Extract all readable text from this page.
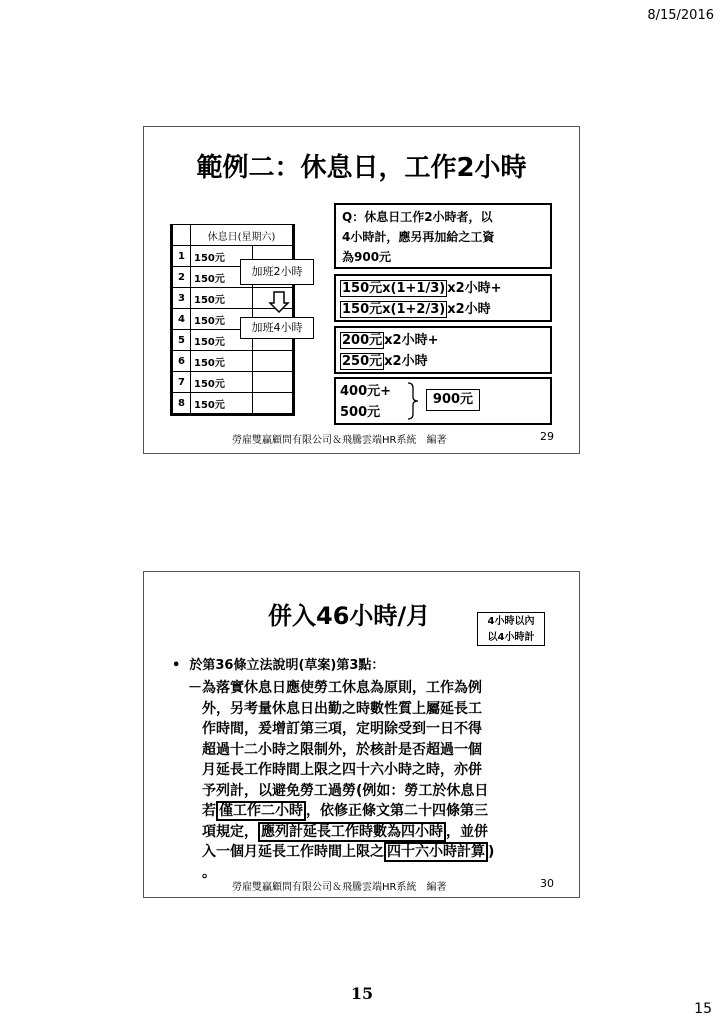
8/15/2016
範例二：休息日，工作2小時
	休息日(星期六)	
1	150元	
2	150元	
3	150元	
4	150元	
5	150元	
6	150元	
7	150元	
8	150元	
加班2小時
加班4小時
Q：休息日工作2小時者，以
4小時計，應另再加給之工資
為900元
150元x(1+1/3) x2小時+
150元x(1+2/3) x2小時
200元 x2小時+
250元 x2小時
400元+
500元
900元
勞雇雙贏顧問有限公司＆飛騰雲端HR系統　編著	29
併入46小時/月	4小時以內
以4小時計
•  於第36條立法說明(草案)第3點：
－為落實休息日應使勞工休息為原則，工作為例
外，另考量休息日出勤之時數性質上屬延長工
作時間，爰增訂第三項，定明除受到一日不得
超過十二小時之限制外，於核計是否超過一個
月延長工作時間上限之四十六小時之時，亦併
予列計，以避免勞工過勞(例如：勞工於休息日
若 僅工作二小時 ，依修正條文第二十四條第三
項規定， 應列計延長工作時數為四小時 ，並併
入一個月延長工作時間上限之 四十六小時計算 )
。
勞雇雙贏顧問有限公司＆飛騰雲端HR系統　編著	30
15
15
